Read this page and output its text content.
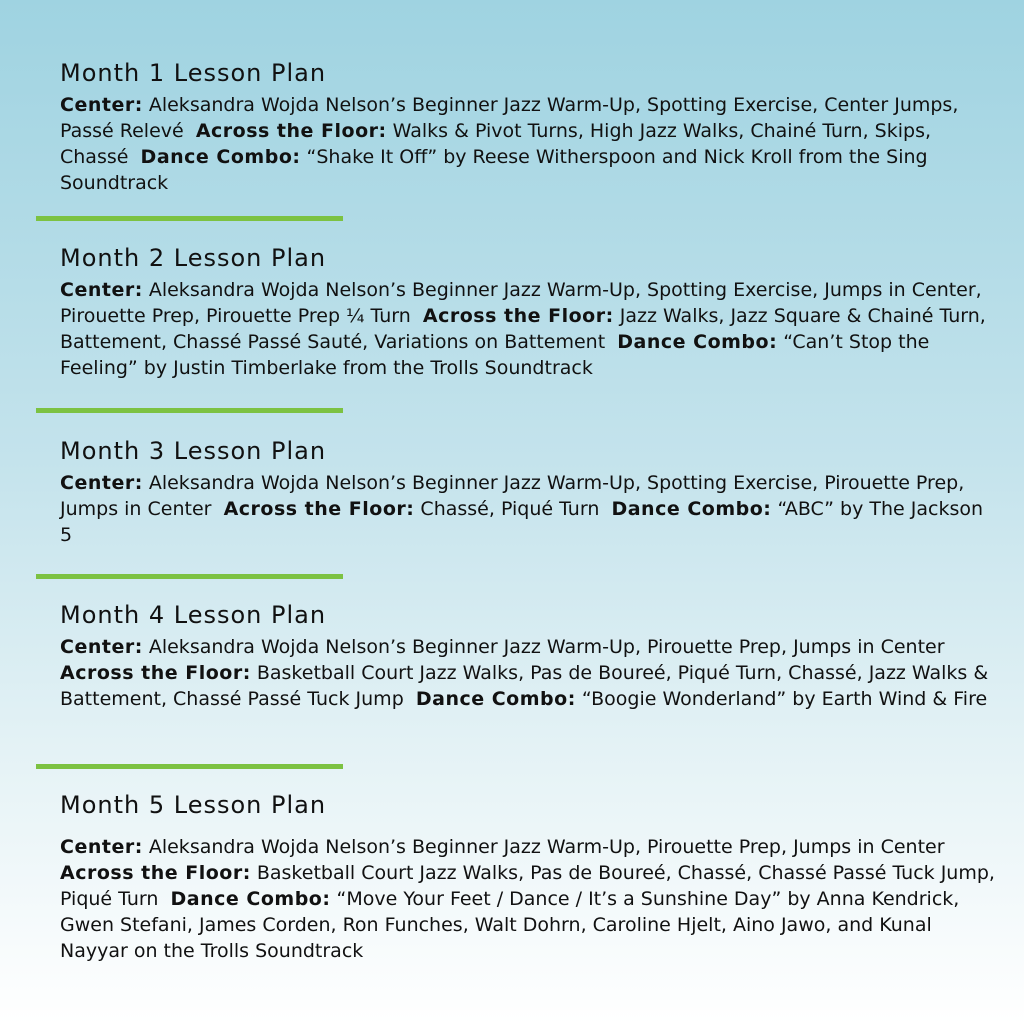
Month 1 Lesson Plan

Center: Aleksandra Wojda Nelson’s Beginner Jazz Warm-Up, Spotting Exercise, Center Jumps, Passé Relevé Across the Floor: Walks & Pivot Turns, High Jazz Walks, Chainé Turn, Skips, Chassé Dance Combo: “Shake It Off” by Reese Witherspoon and Nick Kroll from the Sing Soundtrack

Month 2 Lesson Plan

Center: Aleksandra Wojda Nelson’s Beginner Jazz Warm-Up, Spotting Exercise, Jumps in Center, Pirouette Prep, Pirouette Prep ¼ Turn Across the Floor: Jazz Walks, Jazz Square & Chainé Turn, Battement, Chassé Passé Sauté, Variations on Battement Dance Combo: “Can’t Stop the Feeling” by Justin Timberlake from the Trolls Soundtrack

Month 3 Lesson Plan

Center: Aleksandra Wojda Nelson’s Beginner Jazz Warm-Up, Spotting Exercise, Pirouette Prep, Jumps in Center Across the Floor: Chassé, Piqué Turn Dance Combo: “ABC” by The Jackson 5

Month 4 Lesson Plan

Center: Aleksandra Wojda Nelson’s Beginner Jazz Warm-Up, Pirouette Prep, Jumps in Center  Across the Floor: Basketball Court Jazz Walks, Pas de Boureé, Piqué Turn, Chassé, Jazz Walks & Battement, Chassé Passé Tuck Jump Dance Combo: “Boogie Wonderland” by Earth Wind & Fire

Month 5 Lesson Plan

Center: Aleksandra Wojda Nelson’s Beginner Jazz Warm-Up, Pirouette Prep, Jumps in Center  Across the Floor: Basketball Court Jazz Walks, Pas de Boureé, Chassé, Chassé Passé Tuck Jump, Piqué Turn Dance Combo: “Move Your Feet / Dance / It’s a Sunshine Day” by Anna Kendrick, Gwen Stefani, James Corden, Ron Funches, Walt Dohrn, Caroline Hjelt, Aino Jawo, and Kunal Nayyar on the Trolls Soundtrack
